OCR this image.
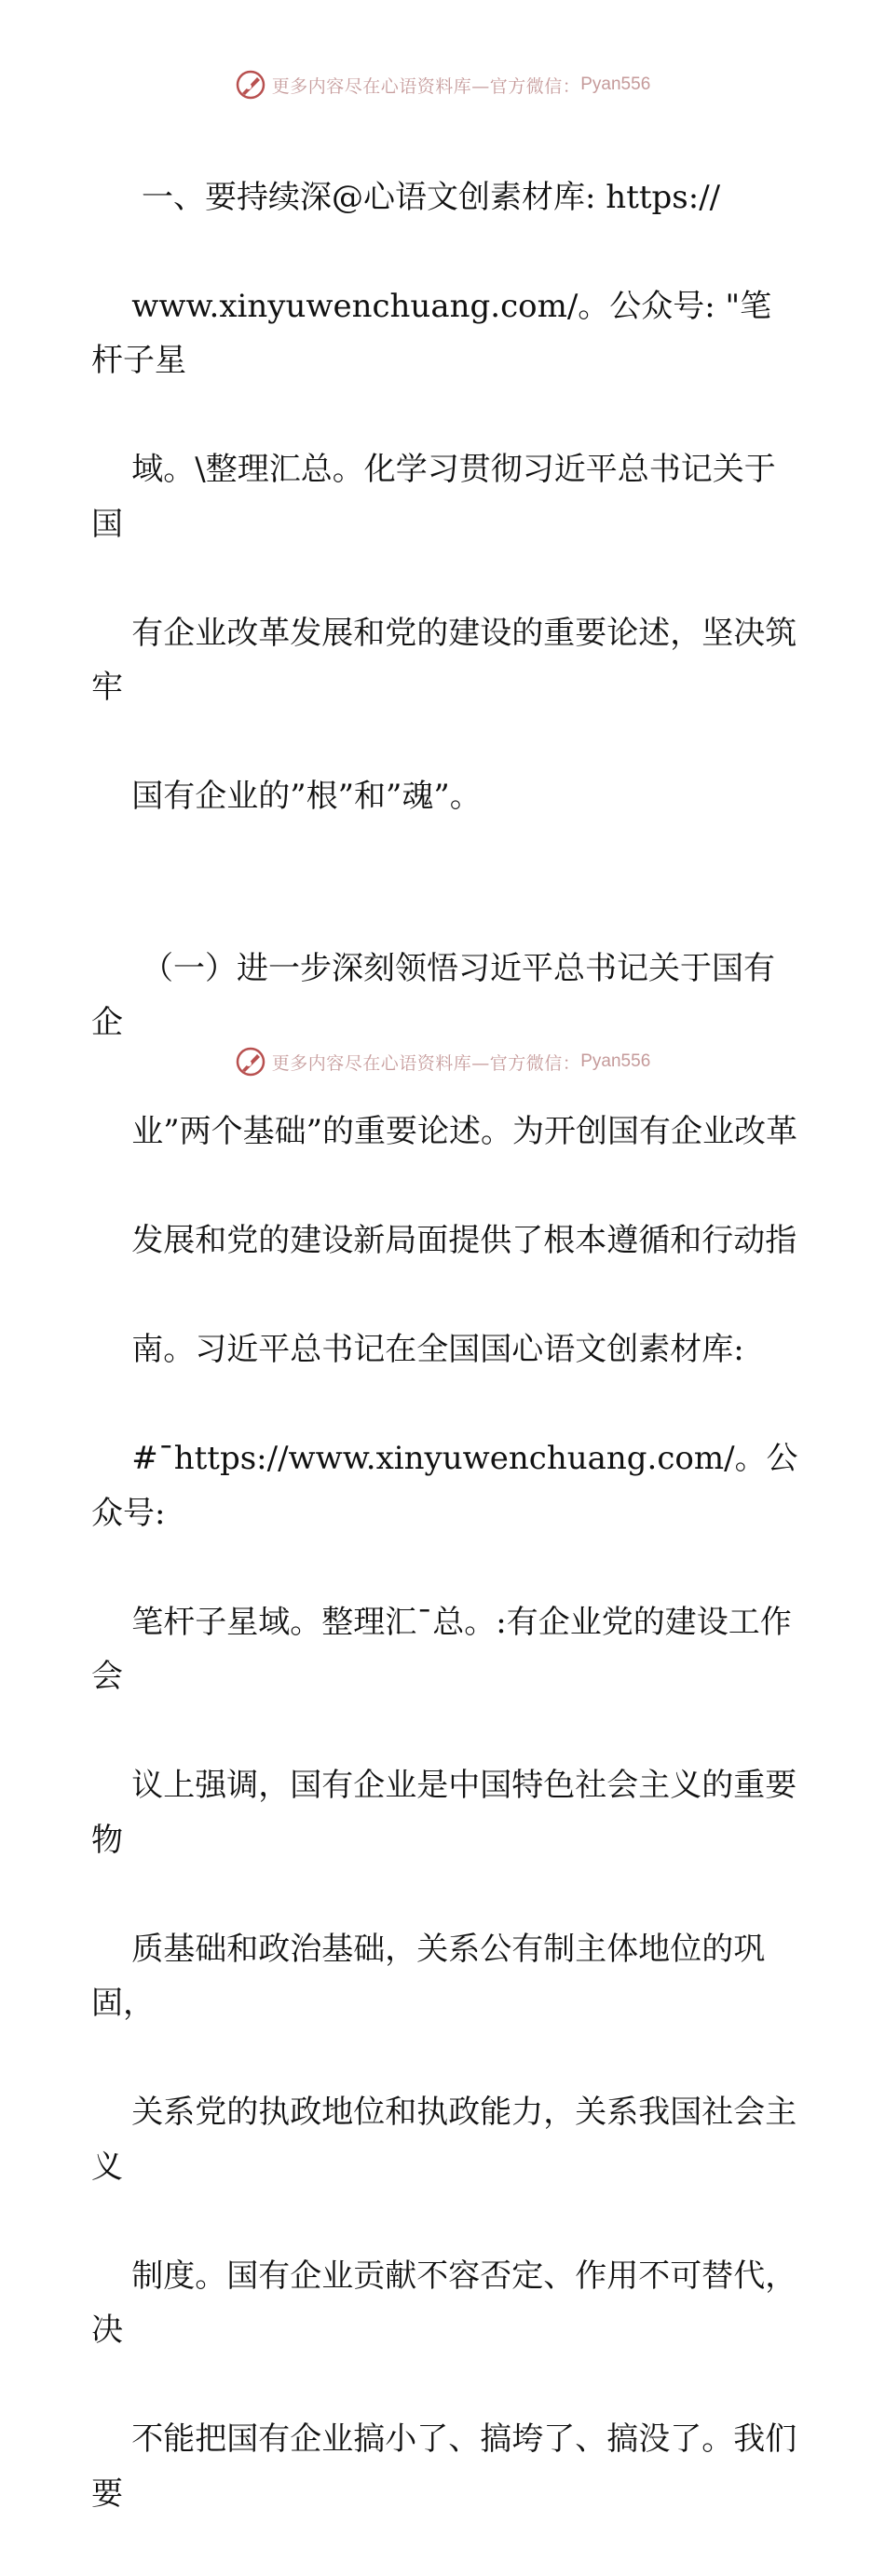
更多内容尽在心语资料库—官方微信： Pyan556

一、要持续深@心语文创素材库: https://

www.xinyuwenchuang.com/。公众号: "笔杆子星

域。\整理汇总。化学习贯彻习近平总书记关于国

有企业改革发展和党的建设的重要论述，坚决筑牢

国有企业的”根”和”魂”。

（一）进一步深刻领悟习近平总书记关于国有企

业”两个基础”的重要论述。为开创国有企业改革

发展和党的建设新局面提供了根本遵循和行动指

南。习近平总书记在全国国心语文创素材库:

#¯https://www.xinyuwenchuang.com/。公众号:

笔杆子星域。整理汇¯总。:有企业党的建设工作会

议上强调，国有企业是中国特色社会主义的重要物

质基础和政治基础，关系公有制主体地位的巩固，

关系党的执政地位和执政能力，关系我国社会主义

制度。国有企业贡献不容否定、作用不可替代，决

不能把国有企业搞小了、搞垮了、搞没了。我们要

更多内容尽在心语资料库—官方微信： Pyan556
